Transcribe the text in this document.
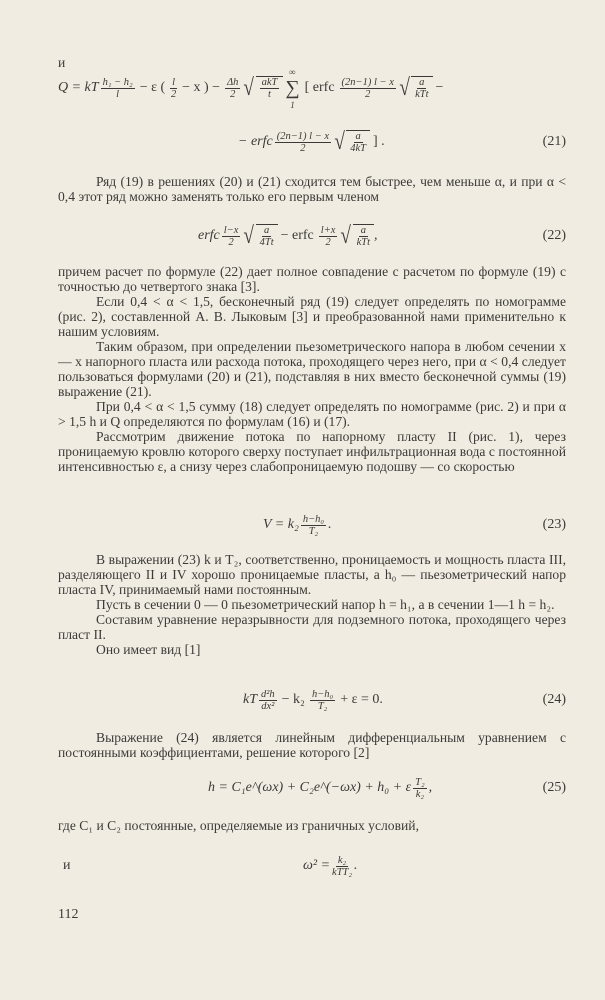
и

Q = kT h₁ − h₂
l − ε ( l
2 − x ) − $\frac{\Delta h}{2}$ √ akT
t
∞
∑
1
[ erfc (2n−1) l − x
2 √ a
kTt −
− erfc (2n−1) l − x
2 √ $\frac{a}{4kT}$ ] .	(21)

Ряд (19) в решениях (20) и (21) сходится тем быстрее, чем меньше α, и при α < 0,4 этот ряд можно заменять только его первым членом

erfc l−x
2 √ $\frac{a}{4Tt}$ − erfc l+x
2 √ a
kTt ,	(22)

причем расчет по формуле (22) дает полное совпадение с расчетом по формуле (19) с точностью до четвертого знака [3].

Если 0,4 < α < 1,5, бесконечный ряд (19) следует определять по номограмме (рис. 2), составленной А. В. Лыковым [3] и преобразованной нами применительно к нашим условиям.

Таким образом, при определении пьезометрического напора в любом сечении x — x напорного пласта или расхода потока, проходящего через него, при α < 0,4 следует пользоваться формулами (20) и (21), подставляя в них вместо бесконечной суммы (19) выражение (21).

При 0,4 < α < 1,5 сумму (18) следует определять по номограмме (рис. 2) и при α > 1,5 h и Q определяются по формулам (16) и (17).

Рассмотрим движение потока по напорному пласту II (рис. 1), через проницаемую кровлю которого сверху поступает инфильтрационная вода с постоянной интенсивностью ε, а снизу через слабопроницаемую подошву — со скоростью

V = k₂ h−h₀
T₂ .	(23)

В выражении (23) k и T₂, соответственно, проницаемость и мощность пласта III, разделяющего II и IV хорошо проницаемые пласты, а h₀ — пьезометрический напор пласта IV, принимаемый нами постоянным.

Пусть в сечении 0 — 0 пьезометрический напор h = h₁, а в сечении 1—1 h = h₂.

Составим уравнение неразрывности для подземного потока, проходящего через пласт II.

Оно имеет вид [1]

kT d²h
dx² − k₂ h−h₀
T₂ + ε = 0.	(24)

Выражение (24) является линейным дифференциальным уравнением с постоянными коэффициентами, решение которого [2]

h = C₁e^(ωx) + C₂e^(−ωx) + h₀ + ε T₂
k₂ ,	(25)

где C₁ и C₂ постоянные, определяемые из граничных условий,

и	ω² = k₂
kTT₂ .
112
